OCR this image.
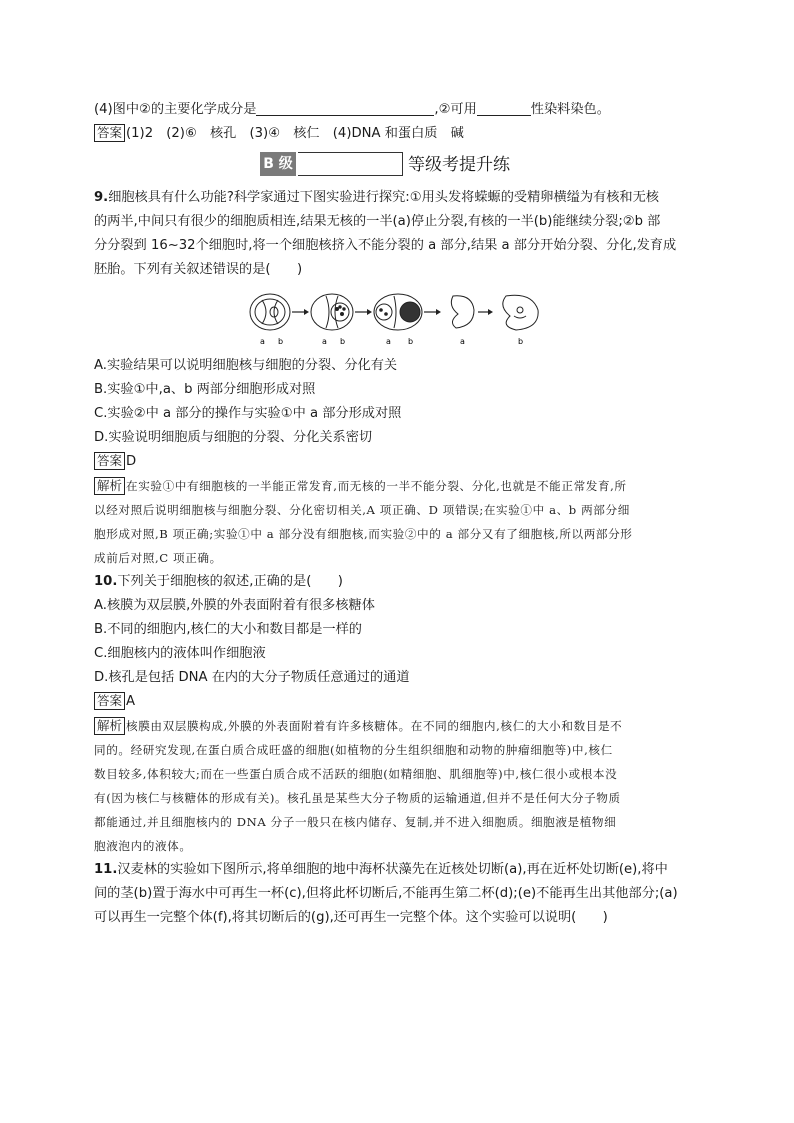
(4)图中②的主要化学成分是	,②可用	性染料染色。
答案 (1)2　(2)⑥　核孔　(3)④　核仁　(4)DNA 和蛋白质　碱
B 级	等级考提升练
9.细胞核具有什么功能?科学家通过下图实验进行探究:①用头发将蝾螈的受精卵横缢为有核和无核
的两半,中间只有很少的细胞质相连,结果无核的一半(a)停止分裂,有核的一半(b)能继续分裂;②b 部
分分裂到 16~32个细胞时,将一个细胞核挤入不能分裂的 a 部分,结果 a 部分开始分裂、分化,发育成
胚胎。下列有关叙述错误的是(　　)
a b	a b	a b	a	b
A.实验结果可以说明细胞核与细胞的分裂、分化有关
B.实验①中,a、b 两部分细胞形成对照
C.实验②中 a 部分的操作与实验①中 a 部分形成对照
D.实验说明细胞质与细胞的分裂、分化关系密切
答案 D
解析 在实验①中有细胞核的一半能正常发育,而无核的一半不能分裂、分化,也就是不能正常发育,所
以经对照后说明细胞核与细胞分裂、分化密切相关,A 项正确、D 项错误;在实验①中 a、b 两部分细
胞形成对照,B 项正确;实验①中 a 部分没有细胞核,而实验②中的 a 部分又有了细胞核,所以两部分形
成前后对照,C 项正确。
10.下列关于细胞核的叙述,正确的是(　　)
A.核膜为双层膜,外膜的外表面附着有很多核糖体
B.不同的细胞内,核仁的大小和数目都是一样的
C.细胞核内的液体叫作细胞液
D.核孔是包括 DNA 在内的大分子物质任意通过的通道
答案 A
解析 核膜由双层膜构成,外膜的外表面附着有许多核糖体。在不同的细胞内,核仁的大小和数目是不
同的。经研究发现,在蛋白质合成旺盛的细胞(如植物的分生组织细胞和动物的肿瘤细胞等)中,核仁
数目较多,体积较大;而在一些蛋白质合成不活跃的细胞(如精细胞、肌细胞等)中,核仁很小或根本没
有(因为核仁与核糖体的形成有关)。核孔虽是某些大分子物质的运输通道,但并不是任何大分子物质
都能通过,并且细胞核内的 DNA 分子一般只在核内储存、复制,并不进入细胞质。细胞液是植物细
胞液泡内的液体。
11.汉麦林的实验如下图所示,将单细胞的地中海杯状藻先在近核处切断(a),再在近杯处切断(e),将中
间的茎(b)置于海水中可再生一杯(c),但将此杯切断后,不能再生第二杯(d);(e)不能再生出其他部分;(a)
可以再生一完整个体(f),将其切断后的(g),还可再生一完整个体。这个实验可以说明(　　)
